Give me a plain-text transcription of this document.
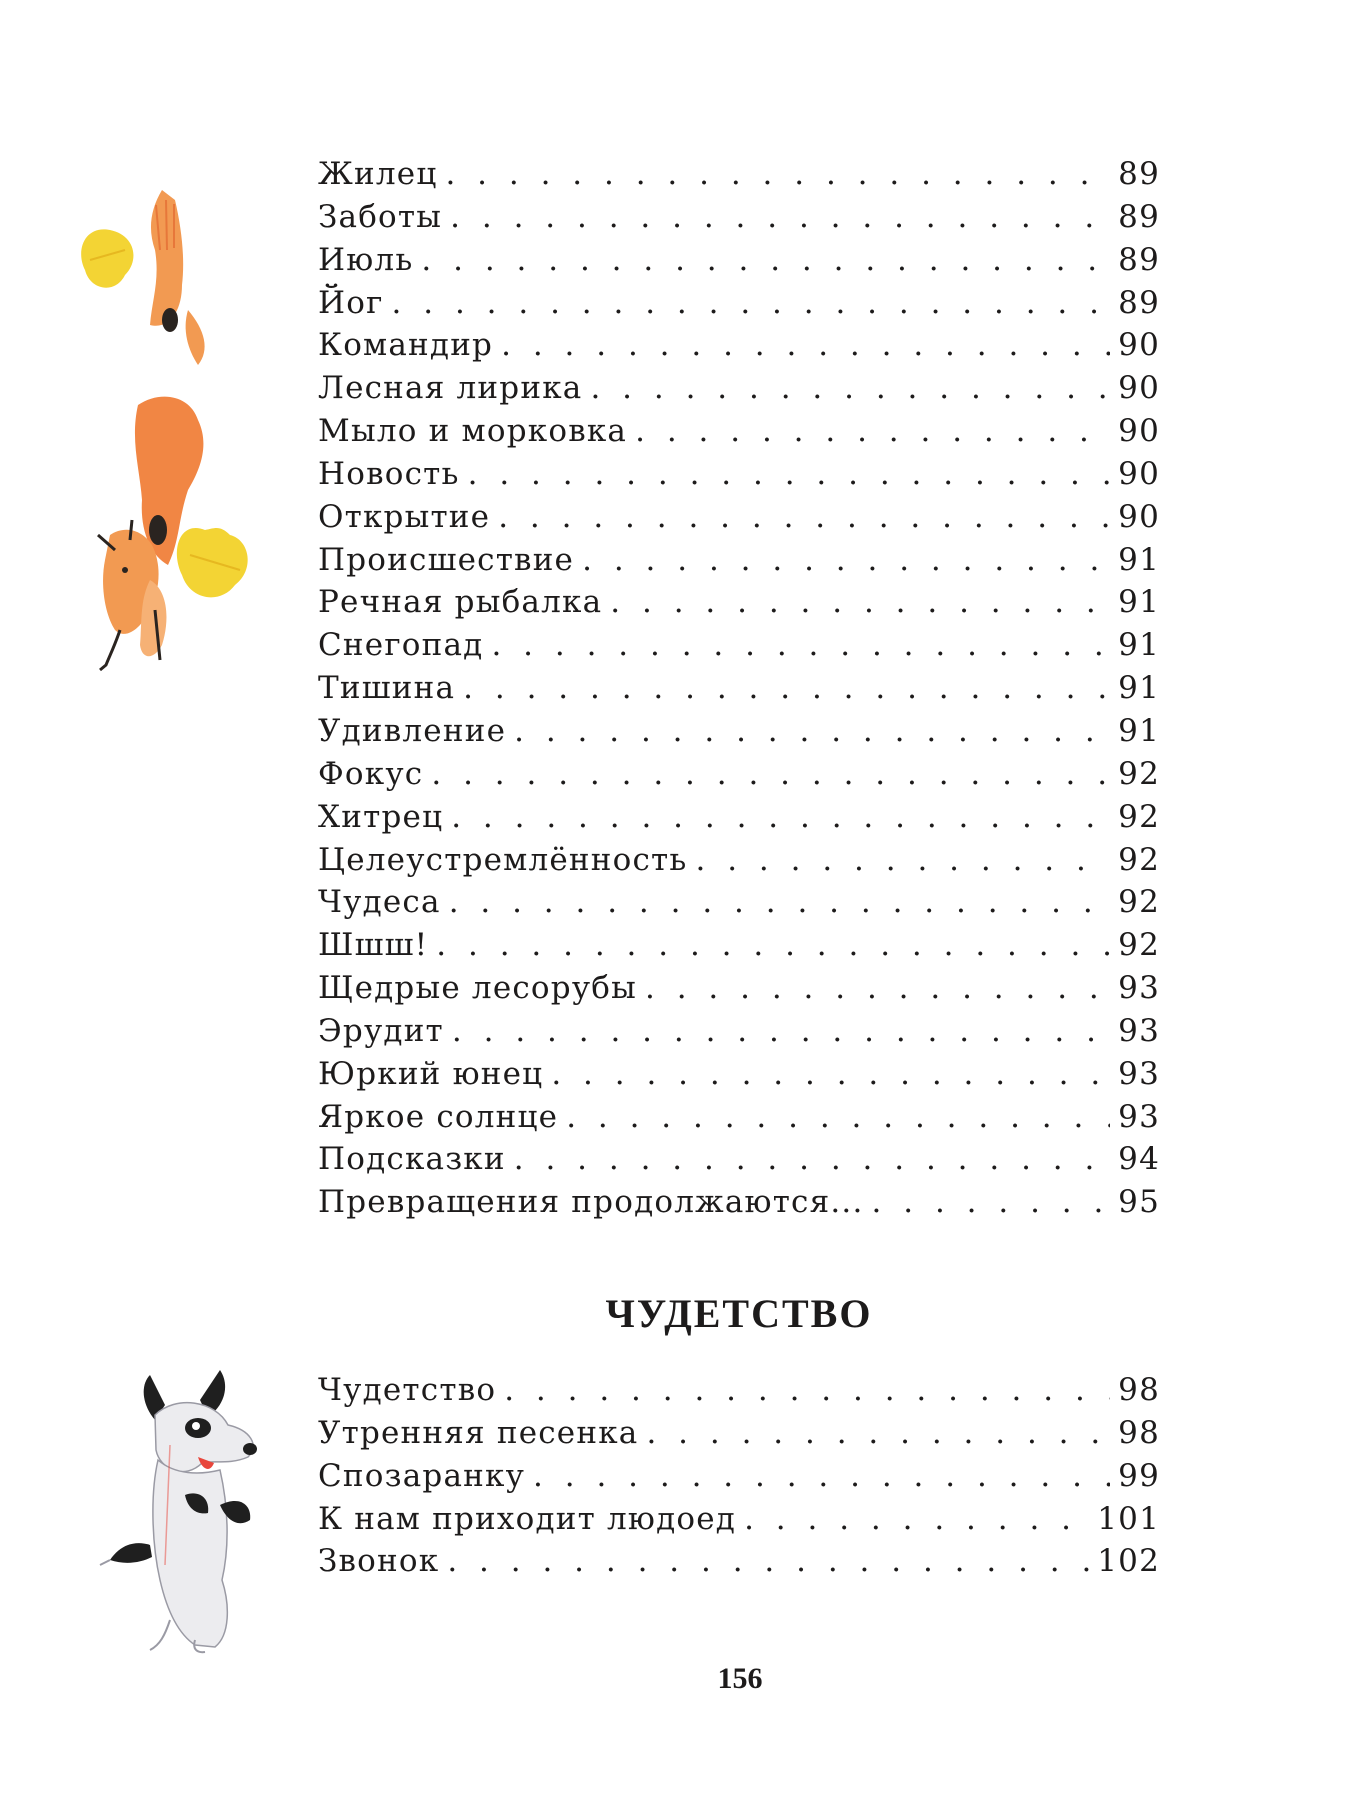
Жилец . . .	89
Заботы . . .	89
Июль . . .	89
Йог . . .	89
Командир . . .	90
Лесная лирика . . .	90
Мыло и морковка . . .	90
Новость . . .	90
Открытие . . .	90
Происшествие . . .	91
Речная рыбалка . . .	91
Снегопад . . .	91
Тишина . . .	91
Удивление . . .	91
Фокус . . .	92
Хитрец . . .	92
Целеустремлённость . . .	92
Чудеса . . .	92
Шшш! . . .	92
Щедрые лесорубы . . .	93
Эрудит . . .	93
Юркий юнец . . .	93
Яркое солнце . . .	93
Подсказки . . .	94
Превращения продолжаются... . . .	95
ЧУДЕТСТВО
Чудетство . . .	98
Утренняя песенка . . .	98
Спозаранку . . .	99
К нам приходит людоед . . .	101
Звонок . . .	102
156
